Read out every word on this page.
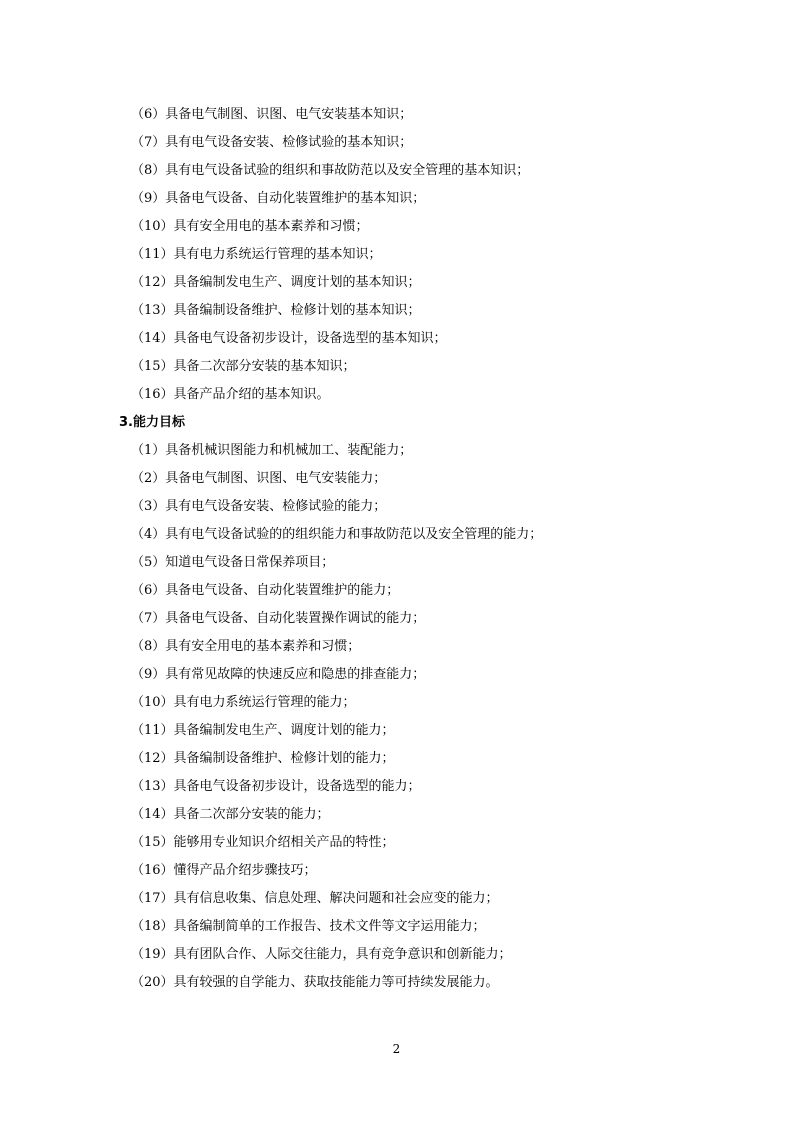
（6）具备电气制图、识图、电气安装基本知识；
（7）具有电气设备安装、检修试验的基本知识；
（8）具有电气设备试验的组织和事故防范以及安全管理的基本知识；
（9）具备电气设备、自动化装置维护的基本知识；
（10）具有安全用电的基本素养和习惯；
（11）具有电力系统运行管理的基本知识；
（12）具备编制发电生产、调度计划的基本知识；
（13）具备编制设备维护、检修计划的基本知识；
（14）具备电气设备初步设计，设备选型的基本知识；
（15）具备二次部分安装的基本知识；
（16）具备产品介绍的基本知识。
3.能力目标
（1）具备机械识图能力和机械加工、装配能力；
（2）具备电气制图、识图、电气安装能力；
（3）具有电气设备安装、检修试验的能力；
（4）具有电气设备试验的的组织能力和事故防范以及安全管理的能力；
（5）知道电气设备日常保养项目；
（6）具备电气设备、自动化装置维护的能力；
（7）具备电气设备、自动化装置操作调试的能力；
（8）具有安全用电的基本素养和习惯；
（9）具有常见故障的快速反应和隐患的排查能力；
（10）具有电力系统运行管理的能力；
（11）具备编制发电生产、调度计划的能力；
（12）具备编制设备维护、检修计划的能力；
（13）具备电气设备初步设计，设备选型的能力；
（14）具备二次部分安装的能力；
（15）能够用专业知识介绍相关产品的特性；
（16）懂得产品介绍步骤技巧；
（17）具有信息收集、信息处理、解决问题和社会应变的能力；
（18）具备编制简单的工作报告、技术文件等文字运用能力；
（19）具有团队合作、人际交往能力，具有竞争意识和创新能力；
（20）具有较强的自学能力、获取技能能力等可持续发展能力。
2
